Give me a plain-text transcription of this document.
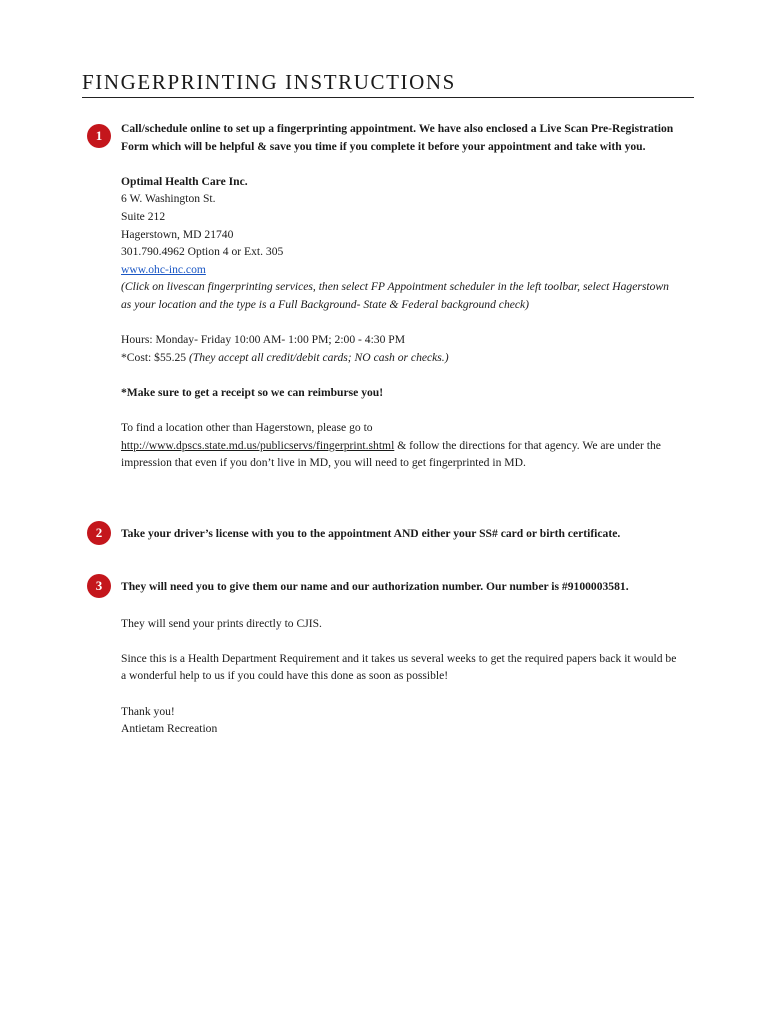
FINGERPRINTING INSTRUCTIONS
1	Call/schedule online to set up a fingerprinting appointment. We have also enclosed a Live Scan Pre-Registration Form which will be helpful & save you time if you complete it before your appointment and take with you.
Optimal Health Care Inc.
6 W. Washington St.
Suite 212
Hagerstown, MD 21740
301.790.4962 Option 4 or Ext. 305
www.ohc-inc.com
(Click on livescan fingerprinting services, then select FP Appointment scheduler in the left toolbar, select Hagerstown as your location and the type is a Full Background- State & Federal background check)
Hours: Monday- Friday 10:00 AM- 1:00 PM; 2:00 - 4:30 PM
*Cost: $55.25 (They accept all credit/debit cards; NO cash or checks.)
*Make sure to get a receipt so we can reimburse you!
To find a location other than Hagerstown, please go to
http://www.dpscs.state.md.us/publicservs/fingerprint.shtml & follow the directions for that agency. We are under the impression that even if you don’t live in MD, you will need to get fingerprinted in MD.
2	Take your driver’s license with you to the appointment AND either your SS# card or birth certificate.
3	They will need you to give them our name and our authorization number. Our number is #9100003581.
They will send your prints directly to CJIS.
Since this is a Health Department Requirement and it takes us several weeks to get the required papers back it would be a wonderful help to us if you could have this done as soon as possible!
Thank you!
Antietam Recreation
